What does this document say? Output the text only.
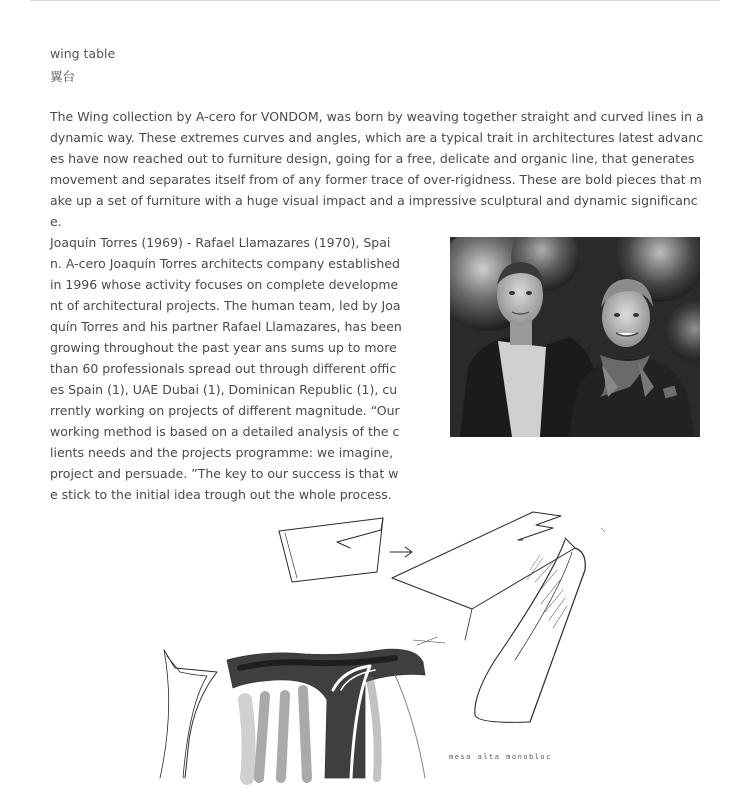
wing table
翼台
The Wing collection by A-cero for VONDOM, was born by weaving together straight and curved lines in a dynamic way. These extremes curves and angles, which are a typical trait in architectures latest advances have now reached out to furniture design, going for a free, delicate and organic line, that generates movement and separates itself from of any former trace of over-rigidness. These are bold pieces that make up a set of furniture with a huge visual impact and a impressive sculptural and dynamic significance.
Joaquín Torres (1969) - Rafael Llamazares (1970), Spain. A-cero Joaquín Torres architects company established in 1996 whose activity focuses on complete development of architectural projects. The human team, led by Joaquín Torres and his partner Rafael Llamazares, has been growing throughout the past year ans sums up to more than 60 professionals spread out through different offices Spain (1), UAE Dubai (1), Dominican Republic (1), currently working on projects of different magnitude. “Our working method is based on a detailed analysis of the clients needs and the projects programme: we imagine, project and persuade. ”The key to our success is that we stick to the initial idea trough out the whole process.
mesa alta monobloc
